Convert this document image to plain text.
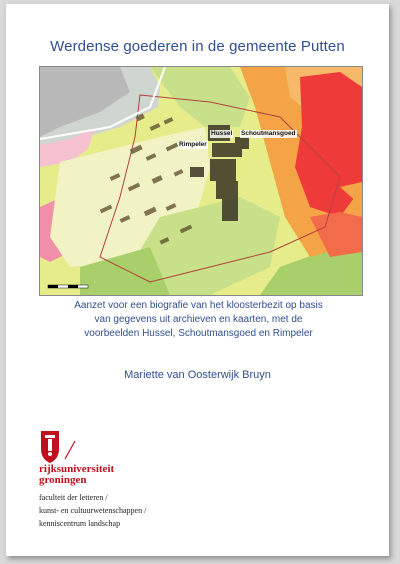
Werdense goederen in de gemeente Putten
Hussel Schoutmansgoed
Rimpeler
Aanzet voor een biografie van het kloosterbezit op basis
van gegevens uit archieven en kaarten, met de
voorbeelden Hussel, Schoutmansgoed en Rimpeler
Mariette van Oosterwijk Bruyn
rijksuniversiteit
groningen
faculteit der letteren /
kunst- en cultuurwetenschappen /
kenniscentrum landschap
